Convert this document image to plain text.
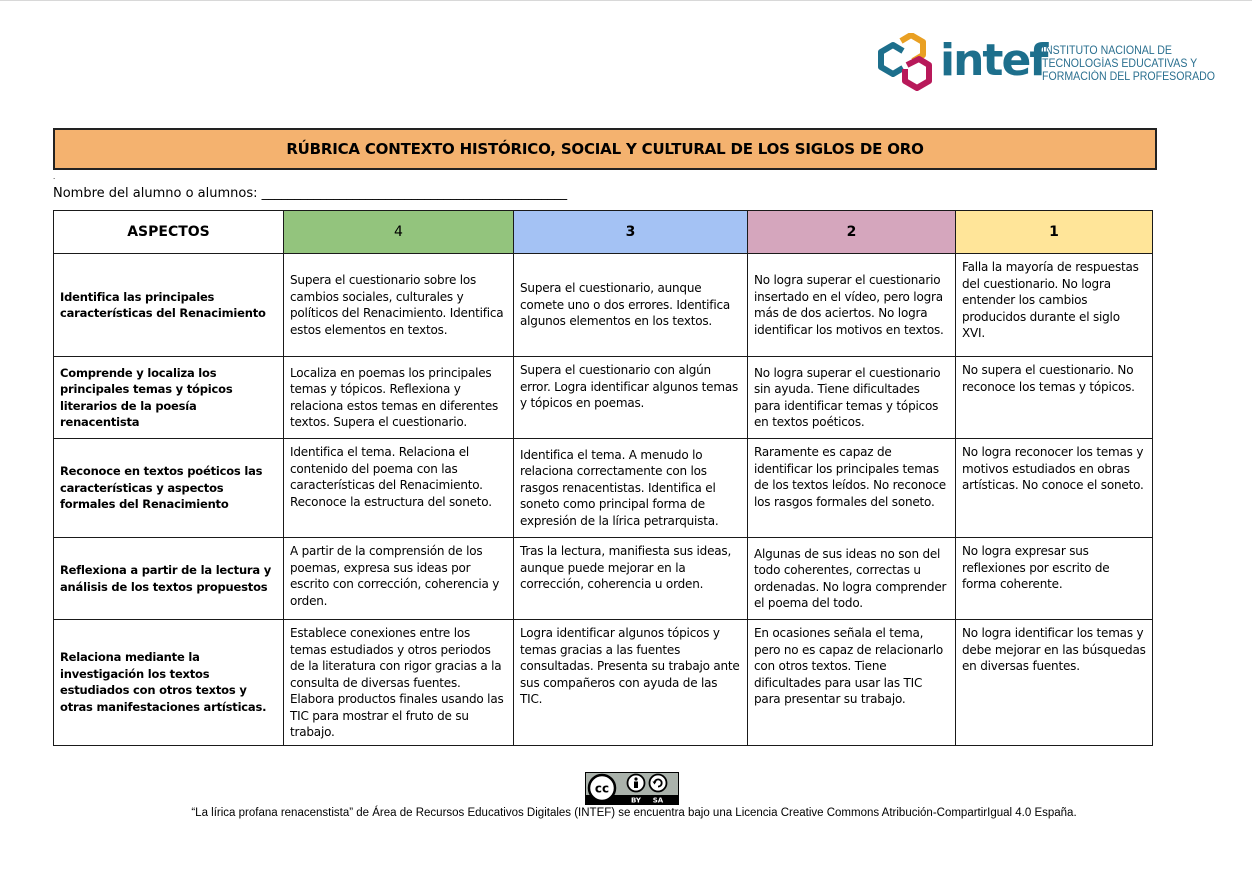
intef
INSTITUTO NACIONAL DE
TECNOLOGÍAS EDUCATIVAS Y
FORMACIÓN DEL PROFESORADO
RÚBRICA CONTEXTO HISTÓRICO, SOCIAL Y CULTURAL DE LOS SIGLOS DE ORO
.
Nombre del alumno o alumnos: _______________________________________________
ASPECTOS	4	3	2	1
Identifica las principales características del Renacimiento	Supera el cuestionario sobre los cambios sociales, culturales y políticos del Renacimiento. Identifica estos elementos en textos.	Supera el cuestionario, aunque comete uno o dos errores. Identifica algunos elementos en los textos.	No logra superar el cuestionario insertado en el vídeo, pero logra más de dos aciertos. No logra identificar los motivos en textos.	Falla la mayoría de respuestas del cuestionario. No logra entender los cambios producidos durante el siglo XVI.
Comprende y localiza los principales temas y tópicos literarios de la poesía renacentista	Localiza en poemas los principales temas y tópicos. Reflexiona y relaciona estos temas en diferentes textos. Supera el cuestionario.	Supera el cuestionario con algún error. Logra identificar algunos temas y tópicos en poemas.	No logra superar el cuestionario sin ayuda. Tiene dificultades para identificar temas y tópicos en textos poéticos.	No supera el cuestionario. No reconoce los temas y tópicos.
Reconoce en textos poéticos las características y aspectos formales del Renacimiento	Identifica el tema. Relaciona el contenido del poema con las características del Renacimiento. Reconoce la estructura del soneto.	Identifica el tema. A menudo lo relaciona correctamente con los rasgos renacentistas. Identifica el soneto como principal forma de expresión de la lírica petrarquista.	Raramente es capaz de identificar los principales temas de los textos leídos. No reconoce los rasgos formales del soneto.	No logra reconocer los temas y motivos estudiados en obras artísticas. No conoce el soneto.
Reflexiona a partir de la lectura y análisis de los textos propuestos	A partir de la comprensión de los poemas, expresa sus ideas por escrito con corrección, coherencia y orden.	Tras la lectura, manifiesta sus ideas, aunque puede mejorar en la corrección, coherencia u orden.	Algunas de sus ideas no son del todo coherentes, correctas u ordenadas. No logra comprender el poema del todo.	No logra expresar sus reflexiones por escrito de forma coherente.
Relaciona mediante la investigación los textos estudiados con otros textos y otras manifestaciones artísticas.	Establece conexiones entre los temas estudiados y otros periodos de la literatura con rigor gracias a la consulta de diversas fuentes. Elabora productos finales usando las TIC para mostrar el fruto de su trabajo.	Logra identificar algunos tópicos y temas gracias a las fuentes consultadas. Presenta su trabajo ante sus compañeros con ayuda de las TIC.	En ocasiones señala el tema, pero no es capaz de relacionarlo con otros textos. Tiene dificultades para usar las TIC para presentar su trabajo.	No logra identificar los temas y debe mejorar en las búsquedas en diversas fuentes.
cc
BY SA
“La lírica profana renacenstista” de Área de Recursos Educativos Digitales (INTEF) se encuentra bajo una Licencia Creative Commons Atribución-CompartirIgual 4.0 España.
